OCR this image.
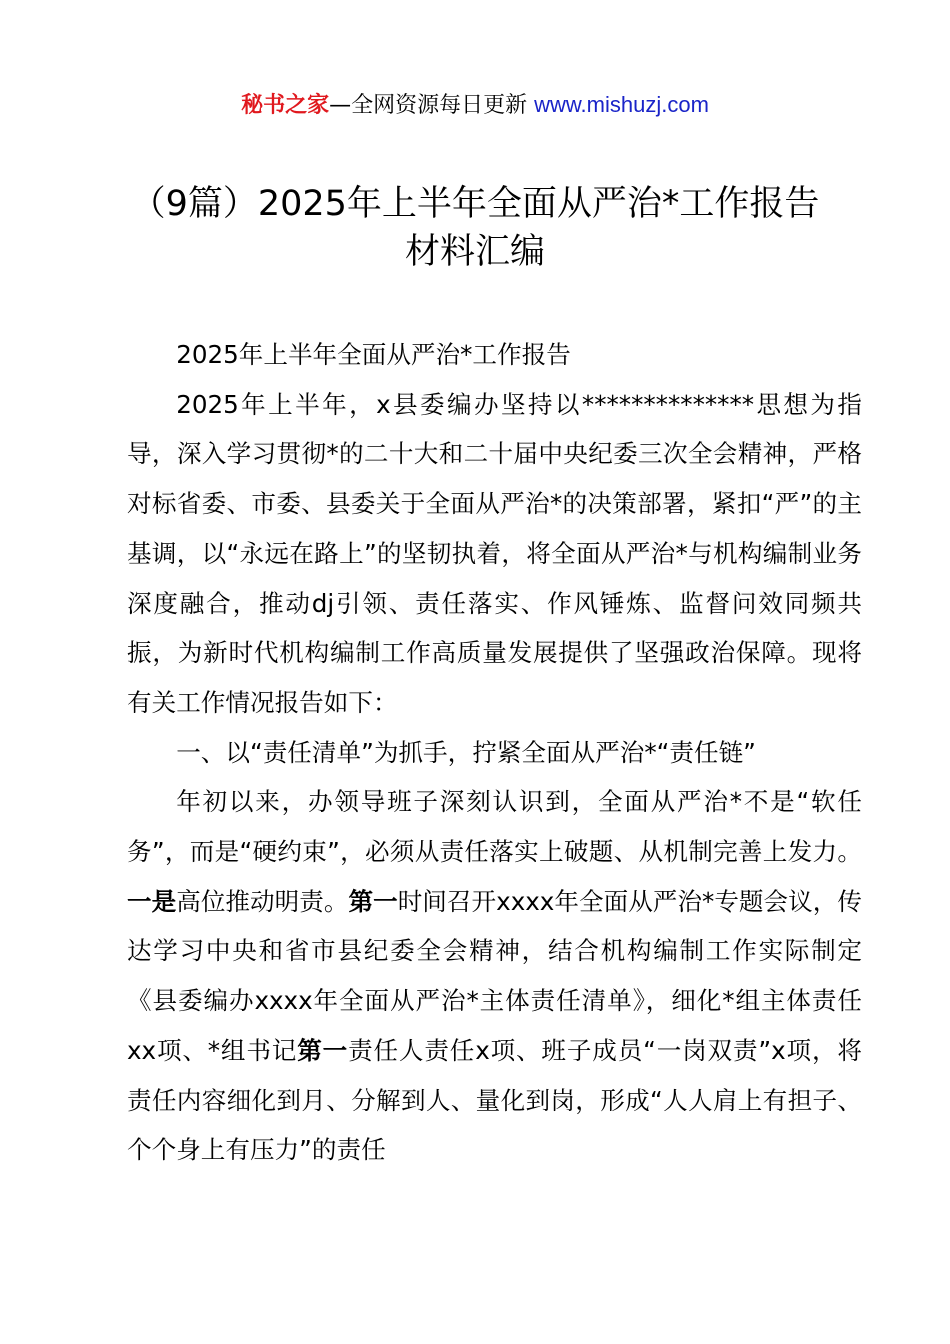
秘书之家—全网资源每日更新 www.mishuzj.com
（9篇）2025年上半年全面从严治*工作报告
材料汇编

2025年上半年全面从严治*工作报告

2025年上半年，x县委编办坚持以**************思想为指导，深入学习贯彻*的二十大和二十届中央纪委三次全会精神，严格对标省委、市委、县委关于全面从严治*的决策部署，紧扣“严”的主基调，以“永远在路上”的坚韧执着，将全面从严治*与机构编制业务深度融合，推动dj引领、责任落实、作风锤炼、监督问效同频共振，为新时代机构编制工作高质量发展提供了坚强政治保障。现将有关工作情况报告如下：

一、以“责任清单”为抓手，拧紧全面从严治*“责任链”

年初以来，办领导班子深刻认识到，全面从严治*不是“软任务”，而是“硬约束”，必须从责任落实上破题、从机制完善上发力。一是高位推动明责。第一时间召开xxxx年全面从严治*专题会议，传达学习中央和省市县纪委全会精神，结合机构编制工作实际制定《县委编办xxxx年全面从严治*主体责任清单》，细化*组主体责任xx项、*组书记第一责任人责任x项、班子成员“一岗双责”x项，将责任内容细化到月、分解到人、量化到岗，形成“人人肩上有担子、个个身上有压力”的责任
